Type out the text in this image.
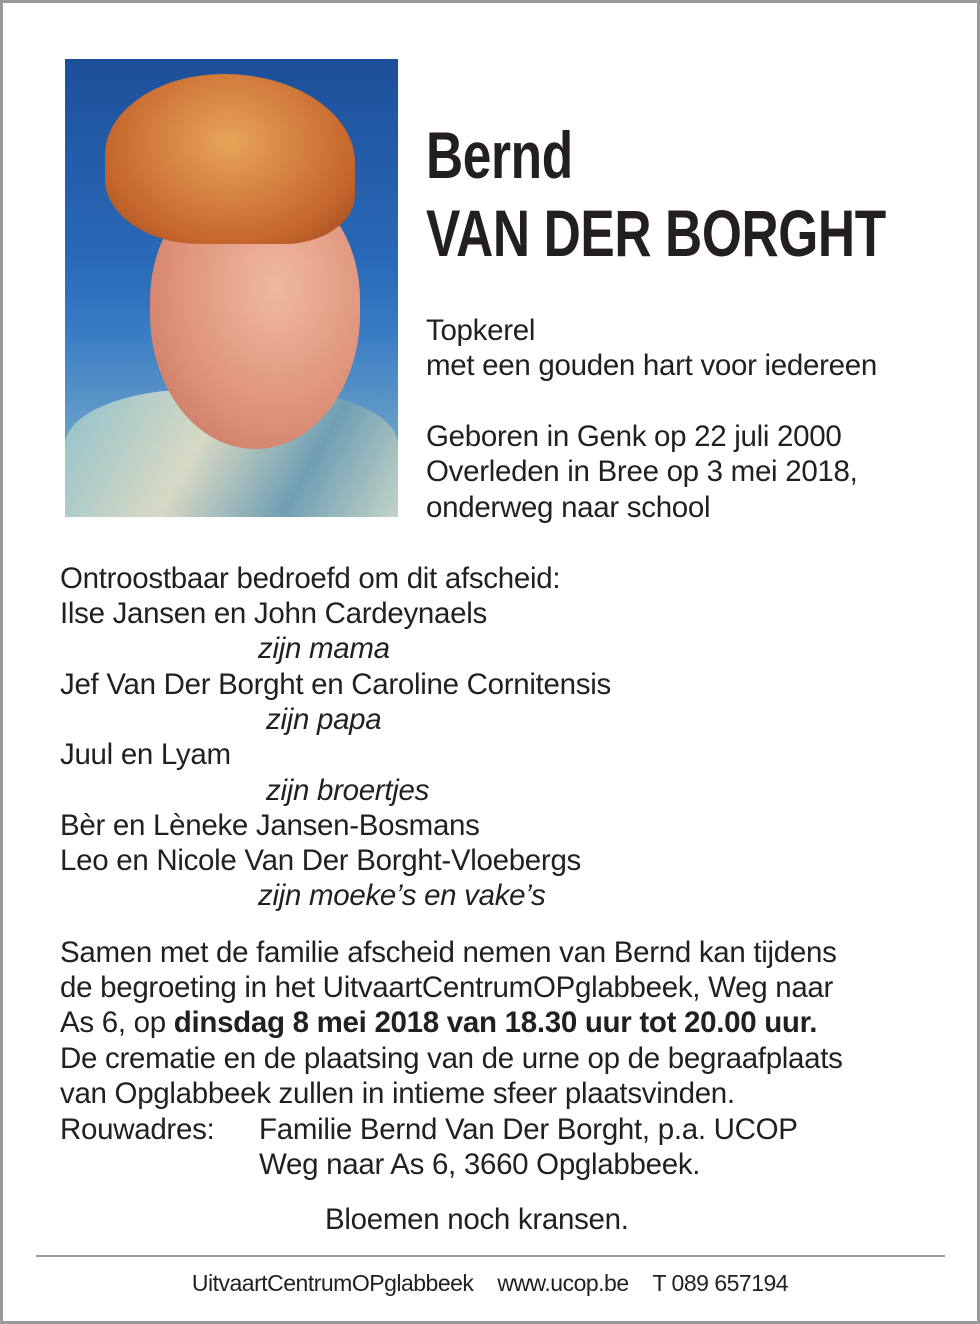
Bernd
VAN DER BORGHT
Topkerel
met een gouden hart voor iedereen
Geboren in Genk op 22 juli 2000
Overleden in Bree op 3 mei 2018,
onderweg naar school
Ontroostbaar bedroefd om dit afscheid:
Ilse Jansen en John Cardeynaels
zijn mama
Jef Van Der Borght en Caroline Cornitensis
zijn papa
Juul en Lyam
zijn broertjes
Bèr en Lèneke Jansen-Bosmans
Leo en Nicole Van Der Borght-Vloebergs
zijn moeke’s en vake’s
Samen met de familie afscheid nemen van Bernd kan tijdens
de begroeting in het UitvaartCentrumOPglabbeek, Weg naar
As 6, op dinsdag 8 mei 2018 van 18.30 uur tot 20.00 uur.
De crematie en de plaatsing van de urne op de begraafplaats
van Opglabbeek zullen in intieme sfeer plaatsvinden.
Rouwadres: Familie Bernd Van Der Borght, p.a. UCOP
Weg naar As 6, 3660 Opglabbeek.
Bloemen noch kransen.
UitvaartCentrumOPglabbeek www.ucop.be T 089 657194
